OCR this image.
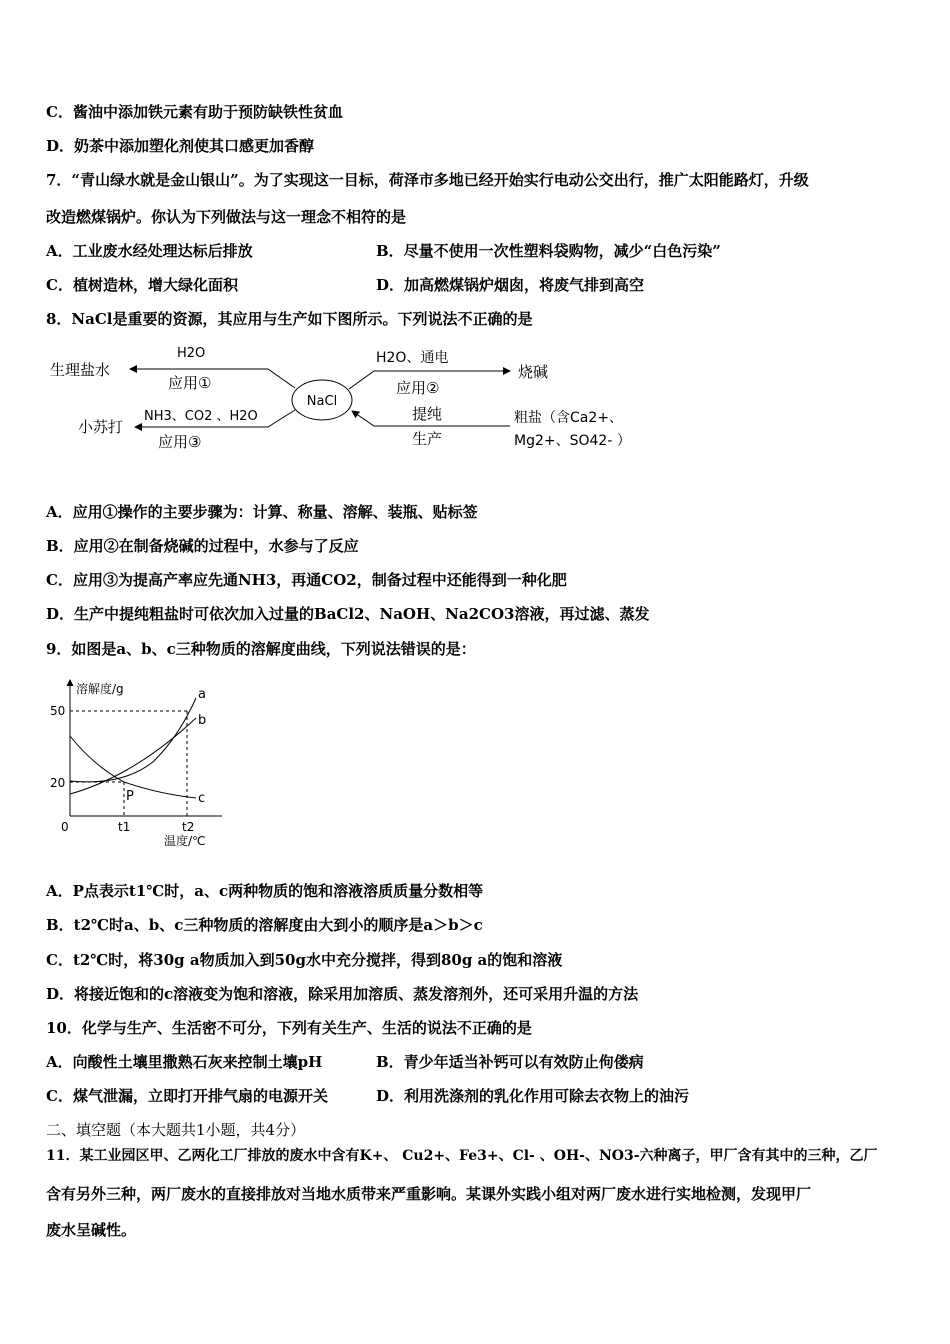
C．酱油中添加铁元素有助于预防缺铁性贫血
D．奶茶中添加塑化剂使其口感更加香醇
7．“青山绿水就是金山银山”。为了实现这一目标，荷泽市多地已经开始实行电动公交出行，推广太阳能路灯，升级
改造燃煤锅炉。你认为下列做法与这一理念不相符的是
A．工业废水经处理达标后排放	B．尽量不使用一次性塑料袋购物，减少“白色污染”
C．植树造林，增大绿化面积	D．加高燃煤锅炉烟囱，将废气排到高空
8．NaCl是重要的资源，其应用与生产如下图所示。下列说法不正确的是
NaCl
生理盐水
H2O
应用①
小苏打
NH3、CO2 、H2O
应用③
H2O、通电
应用②
烧碱
提纯
生产
粗盐（含Ca2+、
Mg2+、SO42- ）
A．应用①操作的主要步骤为：计算、称量、溶解、装瓶、贴标签
B．应用②在制备烧碱的过程中，水参与了反应
C．应用③为提高产率应先通NH3，再通CO2，制备过程中还能得到一种化肥
D．生产中提纯粗盐时可依次加入过量的BaCl2、NaOH、Na2CO3溶液，再过滤、蒸发
9．如图是a、b、c三种物质的溶解度曲线，下列说法错误的是：
溶解度/g
温度/℃
50
20
0	t1	t2
a
b
c
P
A．P点表示t1℃时，a、c两种物质的饱和溶液溶质质量分数相等
B．t2℃时a、b、c三种物质的溶解度由大到小的顺序是a＞b＞c
C．t2℃时，将30g a物质加入到50g水中充分搅拌，得到80g a的饱和溶液
D．将接近饱和的c溶液变为饱和溶液，除采用加溶质、蒸发溶剂外，还可采用升温的方法
10．化学与生产、生活密不可分，下列有关生产、生活的说法不正确的是
A．向酸性土壤里撒熟石灰来控制土壤pH	B．青少年适当补钙可以有效防止佝偻病
C．煤气泄漏，立即打开排气扇的电源开关	D．利用洗涤剂的乳化作用可除去衣物上的油污
二、填空题（本大题共1小题，共4分）
11．某工业园区甲、乙两化工厂排放的废水中含有K+、 Cu2+、Fe3+、Cl- 、OH-、NO3-六种离子，甲厂含有其中的三种，乙厂
含有另外三种，两厂废水的直接排放对当地水质带来严重影响。某课外实践小组对两厂废水进行实地检测，发现甲厂
废水呈碱性。
